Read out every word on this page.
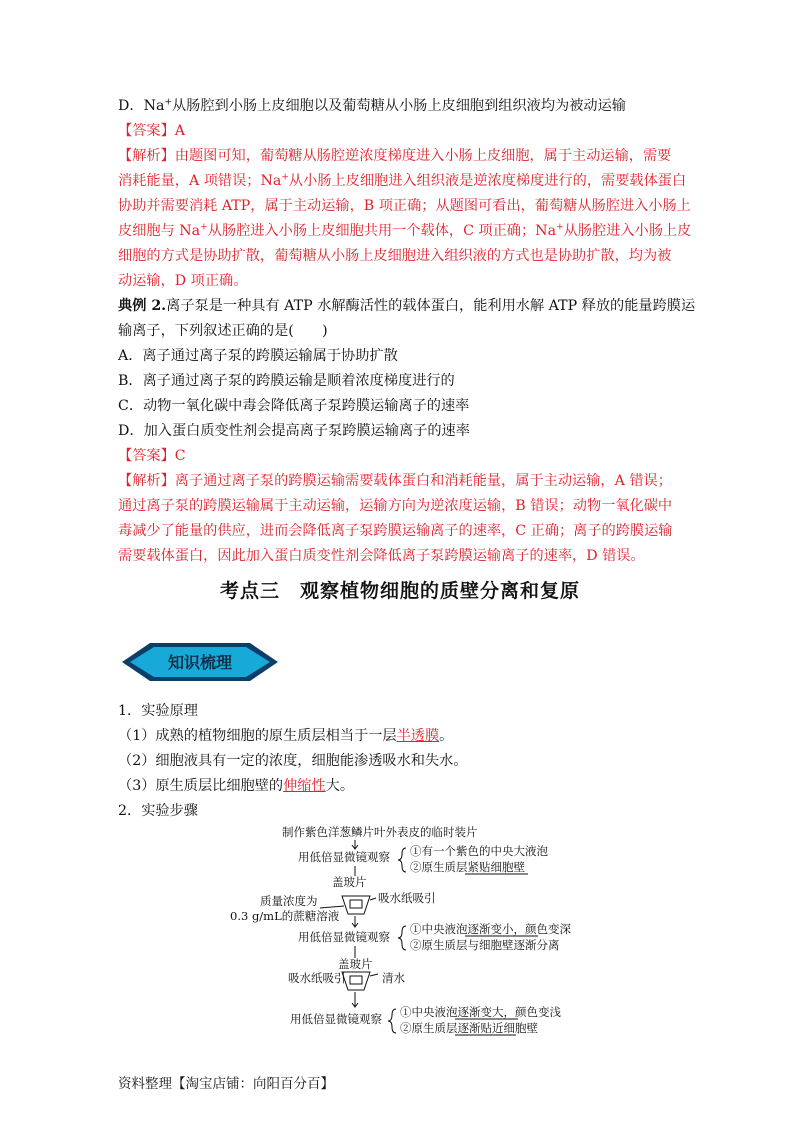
D．Na+从肠腔到小肠上皮细胞以及葡萄糖从小肠上皮细胞到组织液均为被动运输
【答案】A
【解析】由题图可知，葡萄糖从肠腔逆浓度梯度进入小肠上皮细胞，属于主动运输，需要
消耗能量，A 项错误；Na+从小肠上皮细胞进入组织液是逆浓度梯度进行的，需要载体蛋白
协助并需要消耗 ATP，属于主动运输，B 项正确；从题图可看出，葡萄糖从肠腔进入小肠上
皮细胞与 Na+从肠腔进入小肠上皮细胞共用一个载体，C 项正确；Na+从肠腔进入小肠上皮
细胞的方式是协助扩散，葡萄糖从小肠上皮细胞进入组织液的方式也是协助扩散，均为被
动运输，D 项正确。
典例 2.离子泵是一种具有 ATP 水解酶活性的载体蛋白，能利用水解 ATP 释放的能量跨膜运
输离子，下列叙述正确的是(　　)
A．离子通过离子泵的跨膜运输属于协助扩散
B．离子通过离子泵的跨膜运输是顺着浓度梯度进行的
C．动物一氧化碳中毒会降低离子泵跨膜运输离子的速率
D．加入蛋白质变性剂会提高离子泵跨膜运输离子的速率
【答案】C
【解析】离子通过离子泵的跨膜运输需要载体蛋白和消耗能量，属于主动运输，A 错误；
通过离子泵的跨膜运输属于主动运输，运输方向为逆浓度运输，B 错误；动物一氧化碳中
毒减少了能量的供应，进而会降低离子泵跨膜运输离子的速率，C 正确；离子的跨膜运输
需要载体蛋白，因此加入蛋白质变性剂会降低离子泵跨膜运输离子的速率，D 错误。
考点三　观察植物细胞的质壁分离和复原
知识梳理
1．实验原理
（1）成熟的植物细胞的原生质层相当于一层半透膜。
（2）细胞液具有一定的浓度，细胞能渗透吸水和失水。
（3）原生质层比细胞壁的伸缩性大。
2．实验步骤
制作紫色洋葱鳞片叶外表皮的临时装片
用低倍显微镜观察 ①有一个紫色的中央大液泡
②原生质层紧贴细胞壁
盖玻片
吸水纸吸引
质量浓度为
0.3 g/mL的蔗糖溶液
用低倍显微镜观察
①中央液泡逐渐变小，颜色变深
②原生质层与细胞壁逐渐分离
盖玻片
吸水纸吸引	清水
用低倍显微镜观察 ①中央液泡逐渐变大，颜色变浅
②原生质层逐渐贴近细胞壁
资料整理【淘宝店铺：向阳百分百】
